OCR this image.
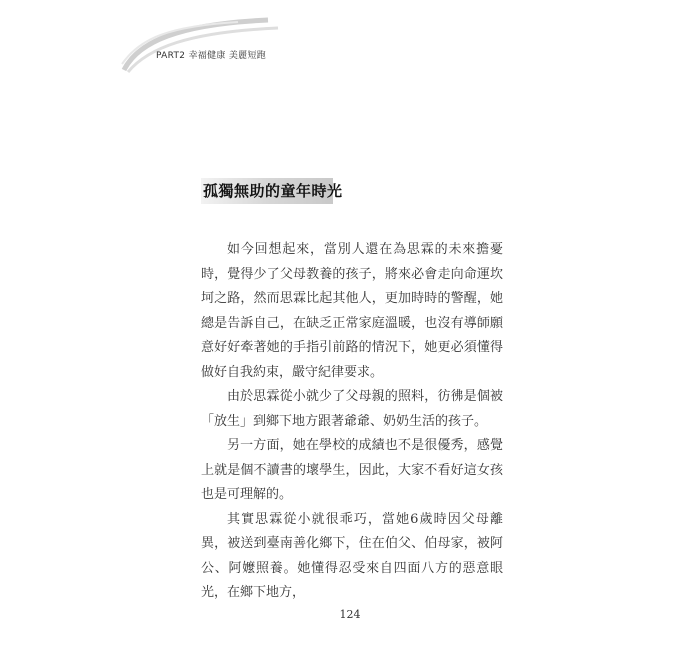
PART2 幸福健康 美麗短跑
孤獨無助的童年時光

如今回想起來，當別人還在為思霖的未來擔憂時，覺得少了父母教養的孩子，將來必會走向命運坎坷之路，然而思霖比起其他人，更加時時的警醒，她總是告訴自己，在缺乏正常家庭溫暖，也沒有導師願意好好牽著她的手指引前路的情況下，她更必須懂得做好自我約束，嚴守紀律要求。

由於思霖從小就少了父母親的照料，彷彿是個被「放生」到鄉下地方跟著爺爺、奶奶生活的孩子。

另一方面，她在學校的成績也不是很優秀，感覺上就是個不讀書的壞學生，因此，大家不看好這女孩也是可理解的。

其實思霖從小就很乖巧，當她6歲時因父母離異，被送到臺南善化鄉下，住在伯父、伯母家，被阿公、阿嬤照養。她懂得忍受來自四面八方的惡意眼光，在鄉下地方，

124
